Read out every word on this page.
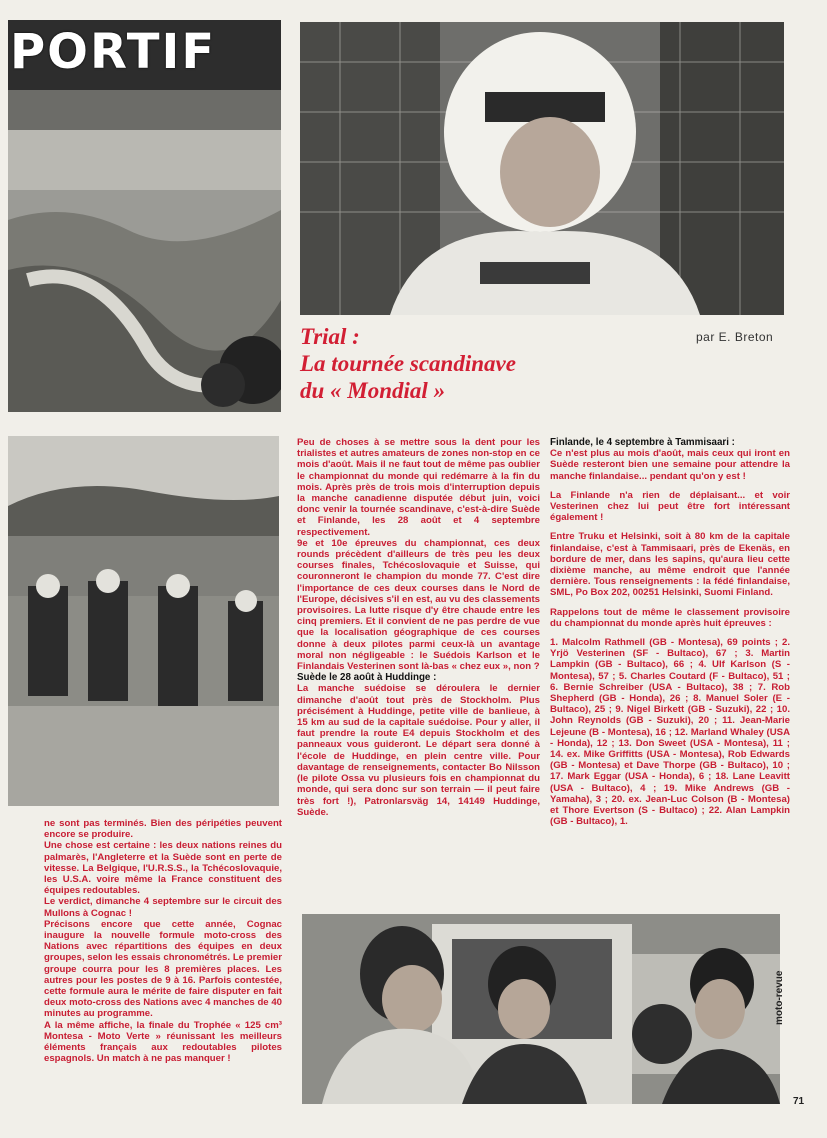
PORTIF
Trial :
La tournée scandinave
du « Mondial »
par E. Breton

Peu de choses à se mettre sous la dent pour les trialistes et autres amateurs de zones non-stop en ce mois d'août. Mais il ne faut tout de même pas oublier le championnat du monde qui redémarre à la fin du mois. Après près de trois mois d'interruption depuis la manche canadienne disputée début juin, voici donc venir la tournée scandinave, c'est-à-dire Suède et Finlande, les 28 août et 4 septembre respectivement.

9e et 10e épreuves du championnat, ces deux rounds précèdent d'ailleurs de très peu les deux courses finales, Tchécoslovaquie et Suisse, qui couronneront le champion du monde 77. C'est dire l'importance de ces deux courses dans le Nord de l'Europe, décisives s'il en est, au vu des classements provisoires. La lutte risque d'y être chaude entre les cinq premiers. Et il convient de ne pas perdre de vue que la localisation géographique de ces courses donne à deux pilotes parmi ceux-là un avantage moral non négligeable : le Suédois Karlson et le Finlandais Vesterinen sont là-bas « chez eux », non ?

Suède le 28 août à Huddinge :

La manche suédoise se déroulera le dernier dimanche d'août tout près de Stockholm. Plus précisément à Huddinge, petite ville de banlieue, à 15 km au sud de la capitale suédoise. Pour y aller, il faut prendre la route E4 depuis Stockholm et des panneaux vous guideront. Le départ sera donné à l'école de Huddinge, en plein centre ville. Pour davantage de renseignements, contacter Bo Nilsson (le pilote Ossa vu plusieurs fois en championnat du monde, qui sera donc sur son terrain — il peut faire très fort !), Patronlarsväg 14, 14149 Huddinge, Suède.

Finlande, le 4 septembre à Tammisaari :

Ce n'est plus au mois d'août, mais ceux qui iront en Suède resteront bien une semaine pour attendre la manche finlandaise... pendant qu'on y est !

La Finlande n'a rien de déplaisant... et voir Vesterinen chez lui peut être fort intéressant également !

Entre Truku et Helsinki, soit à 80 km de la capitale finlandaise, c'est à Tammisaari, près de Ekenäs, en bordure de mer, dans les sapins, qu'aura lieu cette dixième manche, au même endroit que l'année dernière. Tous renseignements : la fédé finlandaise, SML, Po Box 202, 00251 Helsinki, Suomi Finland.

Rappelons tout de même le classement provisoire du championnat du monde après huit épreuves :

1. Malcolm Rathmell (GB - Montesa), 69 points ; 2. Yrjö Vesterinen (SF - Bultaco), 67 ; 3. Martin Lampkin (GB - Bultaco), 66 ; 4. Ulf Karlson (S - Montesa), 57 ; 5. Charles Coutard (F - Bultaco), 51 ; 6. Bernie Schreiber (USA - Bultaco), 38 ; 7. Rob Shepherd (GB - Honda), 26 ; 8. Manuel Soler (E - Bultaco), 25 ; 9. Nigel Birkett (GB - Suzuki), 22 ; 10. John Reynolds (GB - Suzuki), 20 ; 11. Jean-Marie Lejeune (B - Montesa), 16 ; 12. Marland Whaley (USA - Honda), 12 ; 13. Don Sweet (USA - Montesa), 11 ; 14. ex. Mike Griffitts (USA - Montesa), Rob Edwards (GB - Montesa) et Dave Thorpe (GB - Bultaco), 10 ; 17. Mark Eggar (USA - Honda), 6 ; 18. Lane Leavitt (USA - Bultaco), 4 ; 19. Mike Andrews (GB - Yamaha), 3 ; 20. ex. Jean-Luc Colson (B - Montesa) et Thore Evertson (S - Bultaco) ; 22. Alan Lampkin (GB - Bultaco), 1.

ne sont pas terminés. Bien des péripéties peuvent encore se produire.

Une chose est certaine : les deux nations reines du palmarès, l'Angleterre et la Suède sont en perte de vitesse. La Belgique, l'U.R.S.S., la Tchécoslovaquie, les U.S.A. voire même la France constituent des équipes redoutables.

Le verdict, dimanche 4 septembre sur le circuit des Mullons à Cognac !

Précisons encore que cette année, Cognac inaugure la nouvelle formule moto-cross des Nations avec répartitions des équipes en deux groupes, selon les essais chronométrés. Le premier groupe courra pour les 8 premières places. Les autres pour les postes de 9 à 16. Parfois contestée, cette formule aura le mérite de faire disputer en fait deux moto-cross des Nations avec 4 manches de 40 minutes au programme.

A la même affiche, la finale du Trophée « 125 cm³ Montesa - Moto Verte » réunissant les meilleurs éléments français aux redoutables pilotes espagnols. Un match à ne pas manquer !

moto-revue
71
